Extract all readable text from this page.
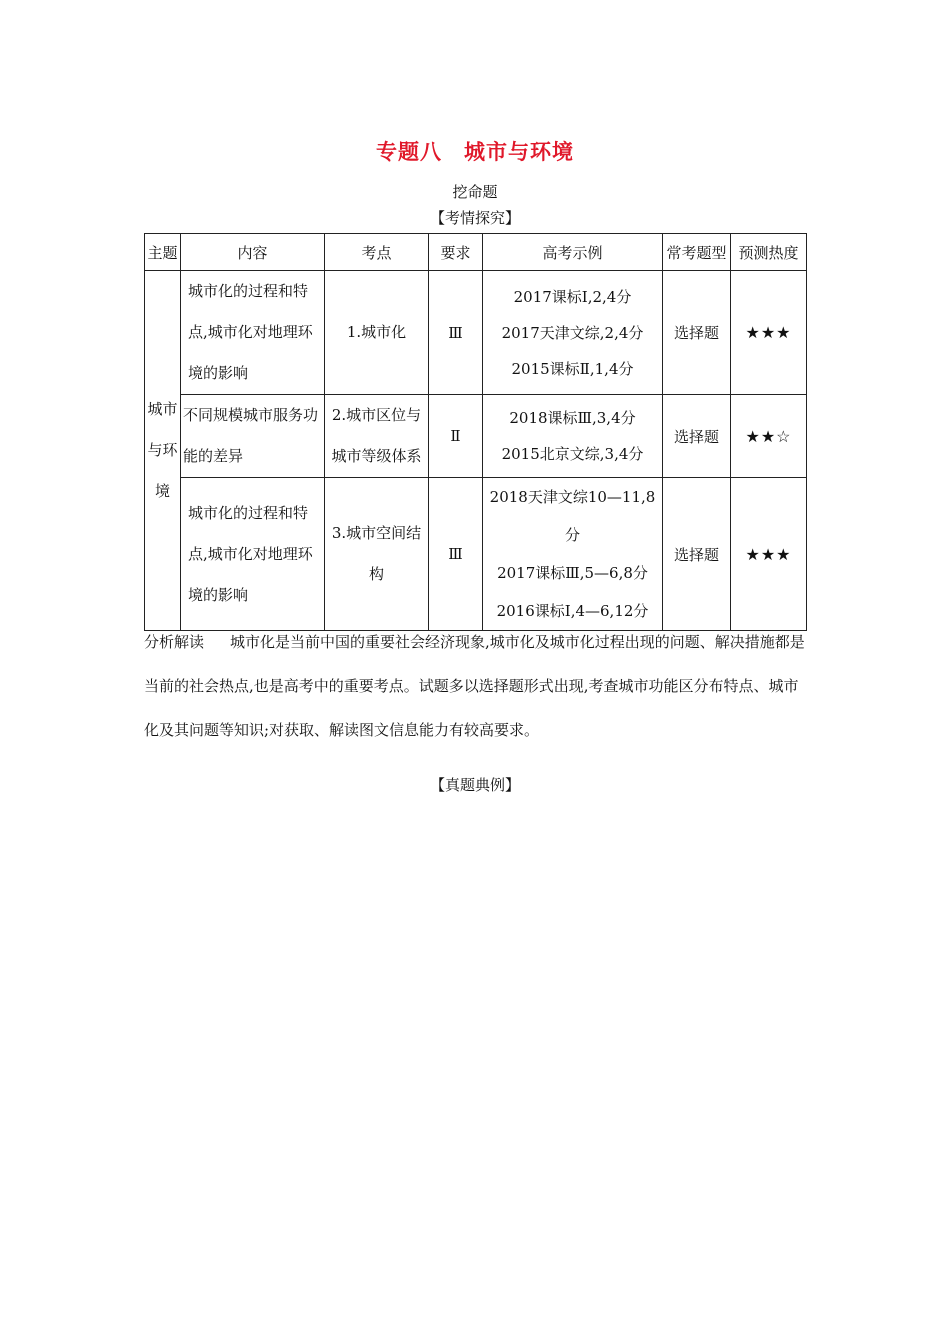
专题八　城市与环境
挖命题
【考情探究】
主题	内容	考点	要求	高考示例	常考题型	预测热度
城市与环境	城市化的过程和特点,城市化对地理环境的影响	1.城市化	Ⅲ	2017课标Ⅰ,2,4分
2017天津文综,2,4分
2015课标Ⅱ,1,4分	选择题	★★★
	不同规模城市服务功能的差异	2.城市区位与城市等级体系	Ⅱ	2018课标Ⅲ,3,4分
2015北京文综,3,4分	选择题	★★☆
	城市化的过程和特点,城市化对地理环境的影响	3.城市空间结构	Ⅲ	2018天津文综10—11,8分
2017课标Ⅲ,5—6,8分
2016课标Ⅰ,4—6,12分	选择题	★★★
分析解读 城市化是当前中国的重要社会经济现象,城市化及城市化过程出现的问题、解决措施都是当前的社会热点,也是高考中的重要考点。试题多以选择题形式出现,考查城市功能区分布特点、城市化及其问题等知识;对获取、解读图文信息能力有较高要求。
【真题典例】
